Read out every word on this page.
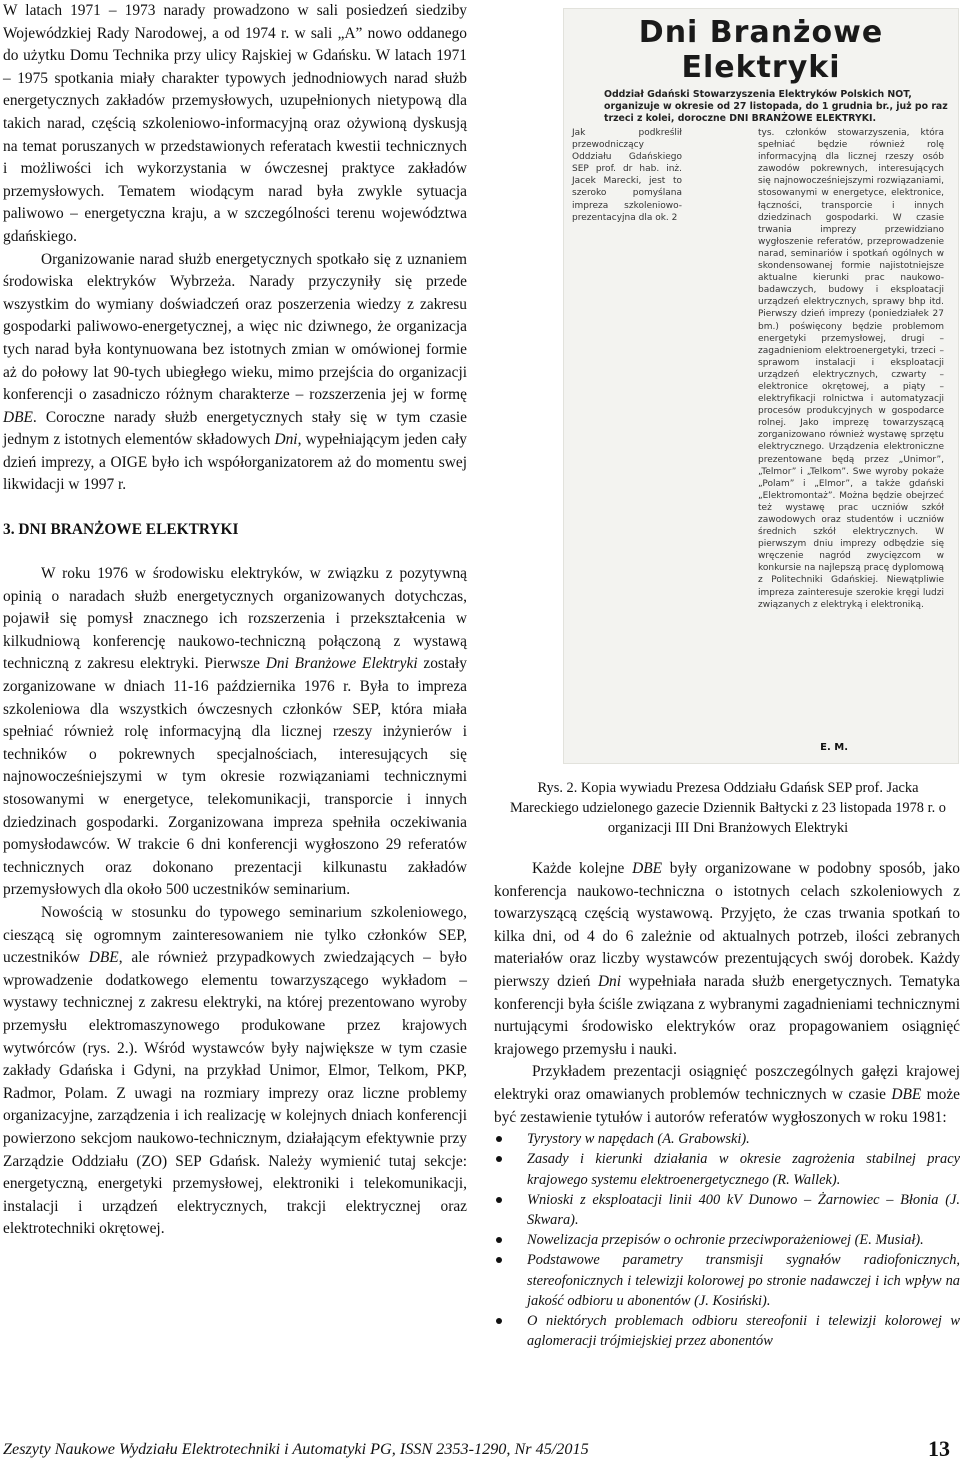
W latach 1971 – 1973 narady prowadzono w sali posiedzeń siedziby Wojewódzkiej Rady Narodowej, a od 1974 r. w sali „A” nowo oddanego do użytku Domu Technika przy ulicy Rajskiej w Gdańsku. W latach 1971 – 1975 spotkania miały charakter typowych jednodniowych narad służb energetycznych zakładów przemysłowych, uzupełnionych nietypową dla takich narad, częścią szkoleniowo-informacyjną oraz ożywioną dyskusją na temat poruszanych w przedstawionych referatach kwestii technicznych i możliwości ich wykorzystania w ówczesnej praktyce zakładów przemysłowych. Tematem wiodącym narad była zwykle sytuacja paliwowo – energetyczna kraju, a w szczególności terenu województwa gdańskiego.

Organizowanie narad służb energetycznych spotkało się z uznaniem środowiska elektryków Wybrzeża. Narady przyczyniły się przede wszystkim do wymiany doświadczeń oraz poszerzenia wiedzy z zakresu gospodarki paliwowo-energetycznej, a więc nic dziwnego, że organizacja tych narad była kontynuowana bez istotnych zmian w omówionej formie aż do połowy lat 90-tych ubiegłego wieku, mimo przejścia do organizacji konferencji o zasadniczo różnym charakterze – rozszerzenia jej w formę DBE. Coroczne narady służb energetycznych stały się w tym czasie jednym z istotnych elementów składowych Dni, wypełniającym jeden cały dzień imprezy, a OIGE było ich współorganizatorem aż do momentu swej likwidacji w 1997 r.

3. DNI BRANŻOWE ELEKTRYKI

W roku 1976 w środowisku elektryków, w związku z pozytywną opinią o naradach służb energetycznych organizowanych dotychczas, pojawił się pomysł znacznego ich rozszerzenia i przekształcenia w kilkudniową konferencję naukowo-techniczną połączoną z wystawą techniczną z zakresu elektryki. Pierwsze Dni Branżowe Elektryki zostały zorganizowane w dniach 11-16 października 1976 r. Była to impreza szkoleniowa dla wszystkich ówczesnych członków SEP, która miała spełniać również rolę informacyjną dla licznej rzeszy inżynierów i techników o pokrewnych specjalnościach, interesujących się najnowocześniejszymi w tym okresie rozwiązaniami technicznymi stosowanymi w energetyce, telekomunikacji, transporcie i innych dziedzinach gospodarki. Zorganizowana impreza spełniła oczekiwania pomysłodawców. W trakcie 6 dni konferencji wygłoszono 29 referatów technicznych oraz dokonano prezentacji kilkunastu zakładów przemysłowych dla około 500 uczestników seminarium.

Nowością w stosunku do typowego seminarium szkoleniowego, cieszącą się ogromnym zainteresowaniem nie tylko członków SEP, uczestników DBE, ale również przypadkowych zwiedzających – było wprowadzenie dodatkowego elementu towarzyszącego wykładom – wystawy technicznej z zakresu elektryki, na której prezentowano wyroby przemysłu elektromaszynowego produkowane przez krajowych wytwórców (rys. 2.). Wśród wystawców były największe w tym czasie zakłady Gdańska i Gdyni, na przykład Unimor, Elmor, Telkom, PKP, Radmor, Polam. Z uwagi na rozmiary imprezy oraz liczne problemy organizacyjne, zarządzenia i ich realizację w kolejnych dniach konferencji powierzono sekcjom naukowo-technicznym, działającym efektywnie przy Zarządzie Oddziału (ZO) SEP Gdańsk. Należy wymienić tutaj sekcje: energetyczną, energetyki przemysłowej, elektroniki i telekomunikacji, instalacji i urządzeń elektrycznych, trakcji elektrycznej oraz elektrotechniki okrętowej.

Dni Branżowe Elektryki
Oddział Gdański Stowarzyszenia Elektryków Polskich NOT, organizuje w okresie od 27 listopada, do 1 grudnia br., już po raz trzeci z kolei, doroczne DNI BRANŻOWE ELEKTRYKI.
Jak podkreślił przewodniczący Oddziału Gdańskiego SEP prof. dr hab. inż. Jacek Marecki, jest to szeroko pomyślana impreza szkoleniowo-prezentacyjna dla ok. 2
tys. członków stowarzyszenia, która spełniać będzie również rolę informacyjną dla licznej rzeszy osób zawodów pokrewnych, interesujących się najnowocześniejszymi rozwiązaniami, stosowanymi w energetyce, elektronice, łączności, transporcie i innych dziedzinach gospodarki. W czasie trwania imprezy przewidziano wygłoszenie referatów, przeprowadzenie narad, seminariów i spotkań ogólnych w skondensowanej formie najistotniejsze aktualne kierunki prac naukowo-badawczych, budowy i eksploatacji urządzeń elektrycznych, sprawy bhp itd. Pierwszy dzień imprezy (poniedziałek 27 bm.) poświęcony będzie problemom energetyki przemysłowej, drugi – zagadnieniom elektroenergetyki, trzeci – sprawom instalacji i eksploatacji urządzeń elektrycznych, czwarty – elektronice okrętowej, a piąty – elektryfikacji rolnictwa i automatyzacji procesów produkcyjnych w gospodarce rolnej. Jako imprezę towarzyszącą zorganizowano również wystawę sprzętu elektrycznego. Urządzenia elektroniczne prezentowane będą przez „Unimor”, „Telmor” i „Telkom”. Swe wyroby pokaże „Polam” i „Elmor”, a także gdański „Elektromontaż”. Można będzie obejrzeć też wystawę prac uczniów szkół zawodowych oraz studentów i uczniów średnich szkół elektrycznych. W pierwszym dniu imprezy odbędzie się wręczenie nagród zwycięzcom w konkursie na najlepszą pracę dyplomową z Politechniki Gdańskiej. Niewątpliwie impreza zainteresuje szerokie kręgi ludzi związanych z elektryką i elektroniką.
E. M.
Rys. 2. Kopia wywiadu Prezesa Oddziału Gdańsk SEP prof. Jacka Mareckiego udzielonego gazecie Dziennik Bałtycki z 23 listopada 1978 r. o organizacji III Dni Branżowych Elektryki

Każde kolejne DBE były organizowane w podobny sposób, jako konferencja naukowo-techniczna o istotnych celach szkoleniowych z towarzyszącą częścią wystawową. Przyjęto, że czas trwania spotkań to kilka dni, od 4 do 6 zależnie od aktualnych potrzeb, ilości zebranych materiałów oraz liczby wystawców prezentujących swój dorobek. Każdy pierwszy dzień Dni wypełniała narada służb energetycznych. Tematyka konferencji była ściśle związana z wybranymi zagadnieniami technicznymi nurtującymi środowisko elektryków oraz propagowaniem osiągnięć krajowego przemysłu i nauki.

Przykładem prezentacji osiągnięć poszczególnych gałęzi krajowej elektryki oraz omawianych problemów technicznych w czasie DBE może być zestawienie tytułów i autorów referatów wygłoszonych w roku 1981:

Tyrystory w napędach (A. Grabowski).
Zasady i kierunki działania w okresie zagrożenia stabilnej pracy krajowego systemu elektroenergetycznego (R. Wallek).
Wnioski z eksploatacji linii 400 kV Dunowo – Żarnowiec – Błonia (J. Skwara).
Nowelizacja przepisów o ochronie przeciwporażeniowej (E. Musiał).
Podstawowe parametry transmisji sygnałów radiofonicznych, stereofonicznych i telewizji kolorowej po stronie nadawczej i ich wpływ na jakość odbioru u abonentów (J. Kosiński).
O niektórych problemach odbioru stereofonii i telewizji kolorowej w aglomeracji trójmiejskiej przez abonentów
Zeszyty Naukowe Wydziału Elektrotechniki i Automatyki PG, ISSN 2353-1290, Nr 45/2015	13
